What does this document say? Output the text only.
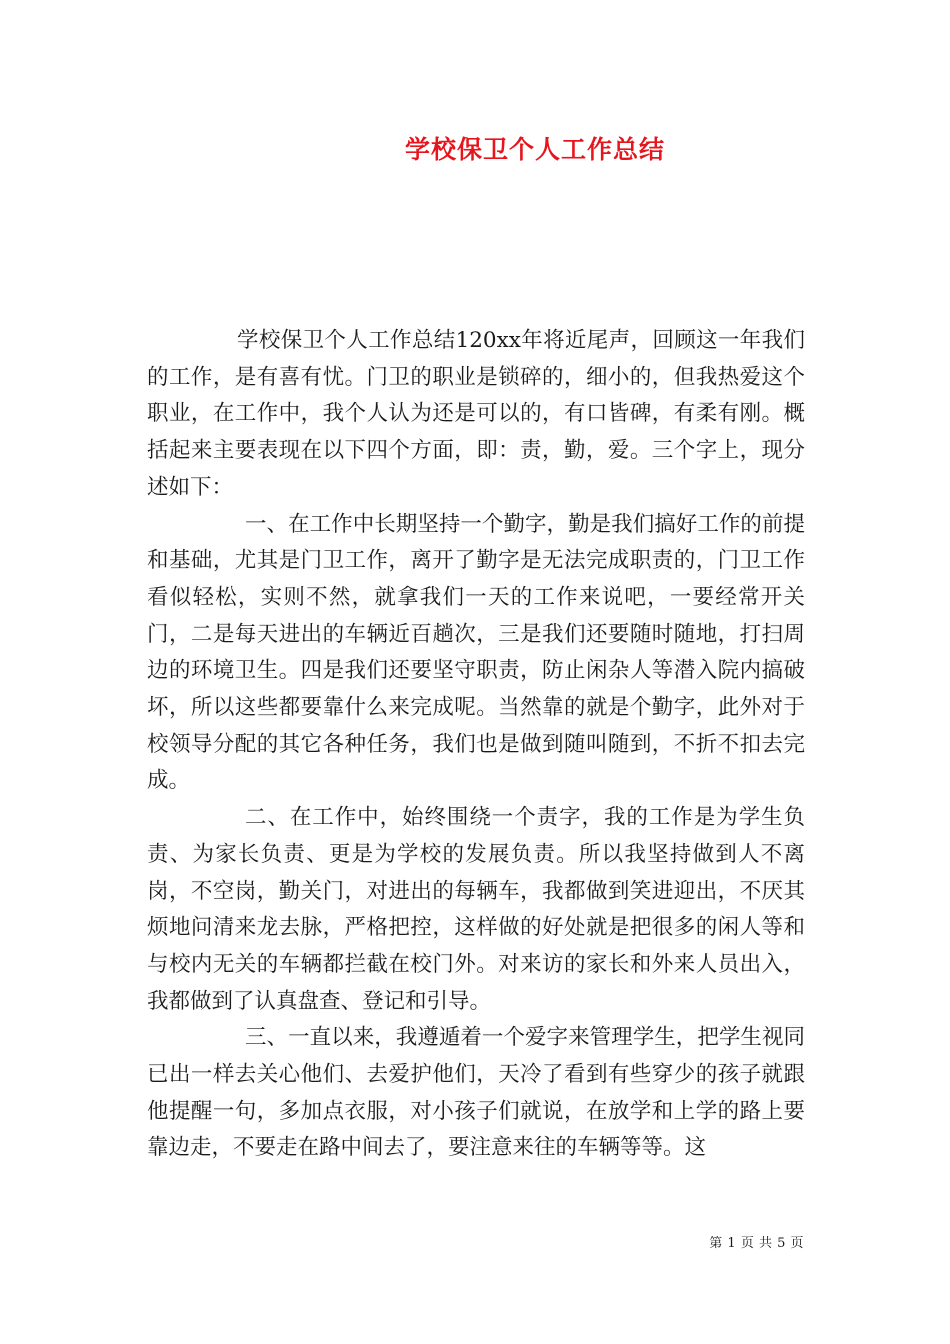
学校保卫个人工作总结

学校保卫个人工作总结120xx年将近尾声，回顾这一年我们的工作，是有喜有忧。门卫的职业是锁碎的，细小的，但我热爱这个职业，在工作中，我个人认为还是可以的，有口皆碑，有柔有刚。概括起来主要表现在以下四个方面，即：责，勤，爱。三个字上，现分述如下：

一、在工作中长期坚持一个勤字，勤是我们搞好工作的前提和基础，尤其是门卫工作，离开了勤字是无法完成职责的，门卫工作看似轻松，实则不然，就拿我们一天的工作来说吧，一要经常开关门，二是每天进出的车辆近百趟次，三是我们还要随时随地，打扫周边的环境卫生。四是我们还要坚守职责，防止闲杂人等潜入院内搞破坏，所以这些都要靠什么来完成呢。当然靠的就是个勤字，此外对于校领导分配的其它各种任务，我们也是做到随叫随到，不折不扣去完成。

二、在工作中，始终围绕一个责字，我的工作是为学生负责、为家长负责、更是为学校的发展负责。所以我坚持做到人不离岗，不空岗，勤关门，对进出的每辆车，我都做到笑进迎出，不厌其烦地问清来龙去脉，严格把控，这样做的好处就是把很多的闲人等和与校内无关的车辆都拦截在校门外。对来访的家长和外来人员出入，我都做到了认真盘查、登记和引导。

三、一直以来，我遵遁着一个爱字来管理学生，把学生视同已出一样去关心他们、去爱护他们，天冷了看到有些穿少的孩子就跟他提醒一句，多加点衣服，对小孩子们就说，在放学和上学的路上要靠边走，不要走在路中间去了，要注意来往的车辆等等。这

第 1 页 共 5 页
